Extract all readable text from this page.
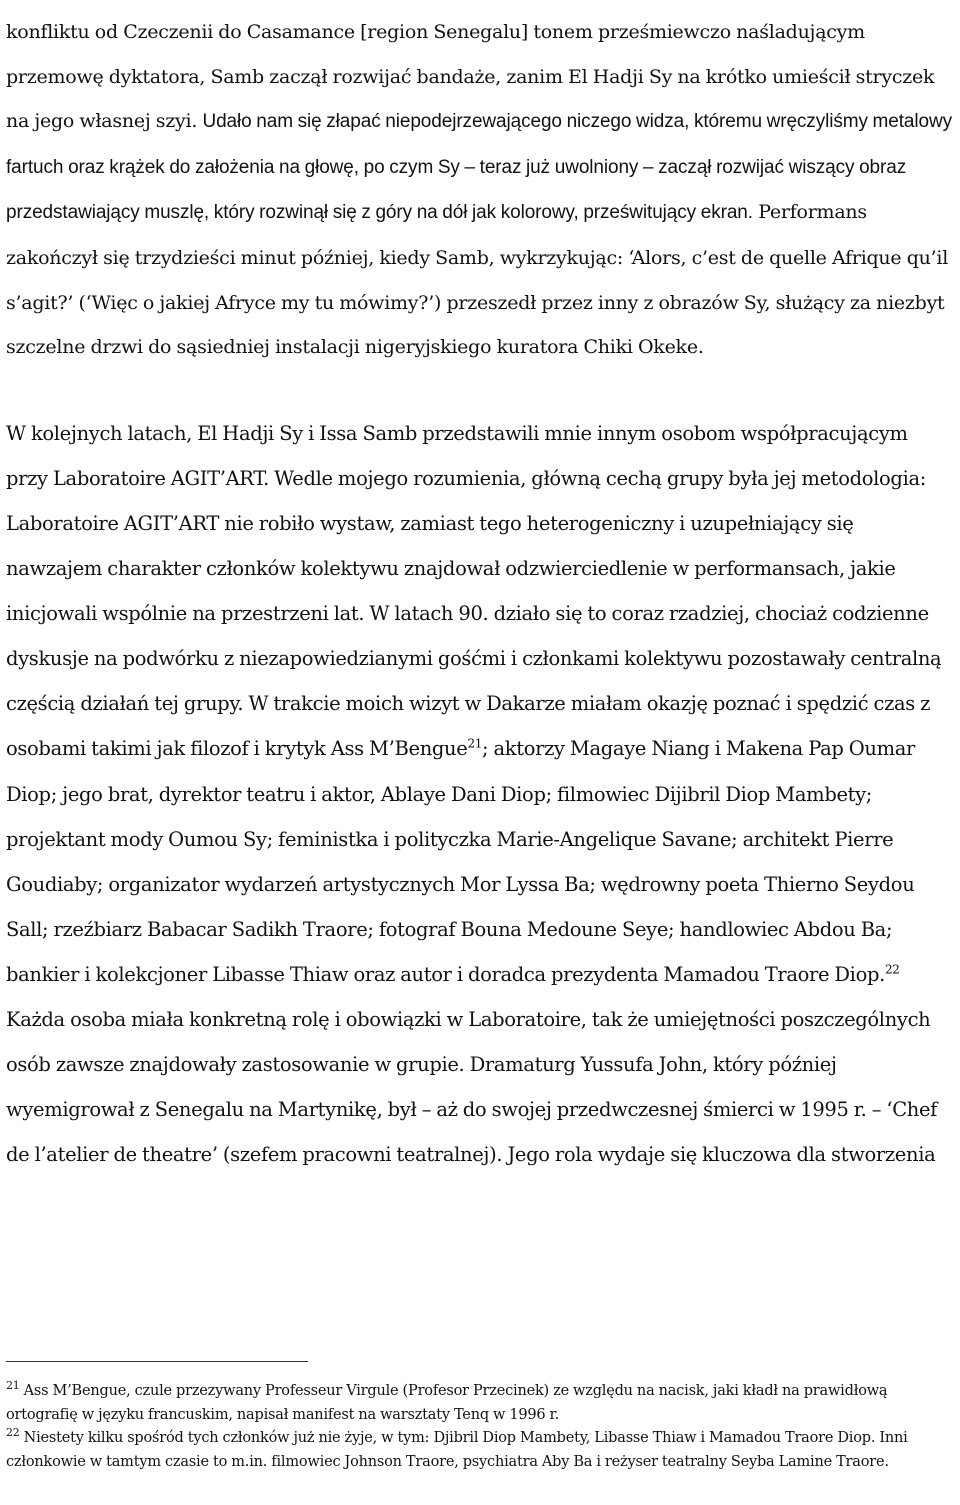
konfliktu od Czeczenii do Casamance [region Senegalu] tonem prześmiewczo naśladującym przemowę dyktatora, Samb zaczął rozwijać bandaże, zanim El Hadji Sy na krótko umieścił stryczek na jego własnej szyi. Udało nam się złapać niepodejrzewającego niczego widza, któremu wręczyliśmy metalowy fartuch oraz krążek do założenia na głowę, po czym Sy – teraz już uwolniony – zaczął rozwijać wiszący obraz przedstawiający muszlę, który rozwinął się z góry na dół jak kolorowy, prześwitujący ekran. Performans zakończył się trzydzieści minut później, kiedy Samb, wykrzykując: ‘Alors, c’est de quelle Afrique qu’il s’agit?’ (‘Więc o jakiej Afryce my tu mówimy?’) przeszedł przez inny z obrazów Sy, służący za niezbyt szczelne drzwi do sąsiedniej instalacji nigeryjskiego kuratora Chiki Okeke.

W kolejnych latach, El Hadji Sy i Issa Samb przedstawili mnie innym osobom współpracującym przy Laboratoire AGIT’ART. Wedle mojego rozumienia, główną cechą grupy była jej metodologia: Laboratoire AGIT’ART nie robiło wystaw, zamiast tego heterogeniczny i uzupełniający się nawzajem charakter członków kolektywu znajdował odzwierciedlenie w performansach, jakie inicjowali wspólnie na przestrzeni lat. W latach 90. działo się to coraz rzadziej, chociaż codzienne dyskusje na podwórku z niezapowiedzianymi gośćmi i członkami kolektywu pozostawały centralną częścią działań tej grupy. W trakcie moich wizyt w Dakarze miałam okazję poznać i spędzić czas z osobami takimi jak filozof i krytyk Ass M’Bengue$^{21}$; aktorzy Magaye Niang i Makena Pap Oumar Diop; jego brat, dyrektor teatru i aktor, Ablaye Dani Diop; filmowiec Dijibril Diop Mambety; projektant mody Oumou Sy; feministka i polityczka Marie-Angelique Savane; architekt Pierre Goudiaby; organizator wydarzeń artystycznych Mor Lyssa Ba; wędrowny poeta Thierno Seydou Sall; rzeźbiarz Babacar Sadikh Traore; fotograf Bouna Medoune Seye; handlowiec Abdou Ba; bankier i kolekcjoner Libasse Thiaw oraz autor i doradca prezydenta Mamadou Traore Diop.$^{22}$ Każda osoba miała konkretną rolę i obowiązki w Laboratoire, tak że umiejętności poszczególnych osób zawsze znajdowały zastosowanie w grupie. Dramaturg Yussufa John, który później wyemigrował z Senegalu na Martynikę, był – aż do swojej przedwczesnej śmierci w 1995 r. – ‘Chef de l’atelier de theatre’ (szefem pracowni teatralnej). Jego rola wydaje się kluczowa dla stworzenia

$^{21}$ Ass M’Bengue, czule przezywany Professeur Virgule (Profesor Przecinek) ze względu na nacisk, jaki kładł na prawidłową ortografię w języku francuskim, napisał manifest na warsztaty Tenq w 1996 r.

$^{22}$ Niestety kilku spośród tych członków już nie żyje, w tym: Djibril Diop Mambety, Libasse Thiaw i Mamadou Traore Diop. Inni członkowie w tamtym czasie to m.in. filmowiec Johnson Traore, psychiatra Aby Ba i reżyser teatralny Seyba Lamine Traore.
